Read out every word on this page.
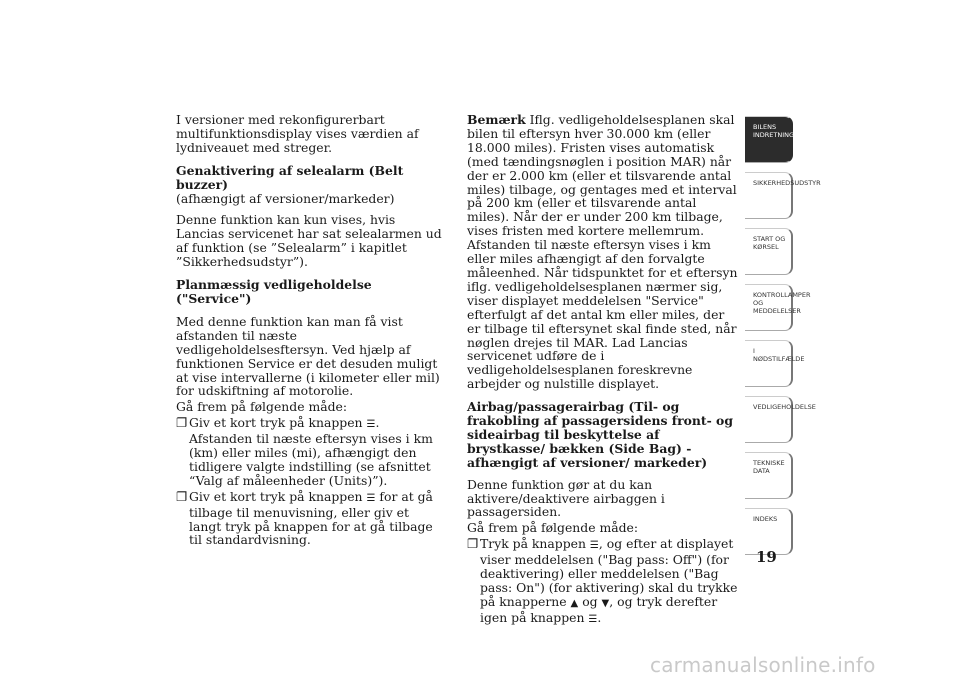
I versioner med rekonfigurerbart multifunktionsdisplay vises værdien af lydniveauet med streger.

Genaktivering af selealarm (Belt buzzer)
(afhængigt af versioner/markeder)

Denne funktion kan kun vises, hvis Lancias servicenet har sat selealarmen ud af funktion (se ”Selealarm” i kapitlet ”Sikkerhedsudstyr”).

Planmæssig vedligeholdelse ("Service")

Med denne funktion kan man få vist afstanden til næste vedligeholdelsesftersyn. Ved hjælp af funktionen Service er det desuden muligt at vise intervallerne (i kilometer eller mil) for udskiftning af motorolie.

Gå frem på følgende måde:

❐ Giv et kort tryk på knappen ☰. Afstanden til næste eftersyn vises i km (km) eller miles (mi), afhængigt den tidligere valgte indstilling (se afsnittet “Valg af måleenheder (Units)”).
❐ Giv et kort tryk på knappen ☰ for at gå tilbage til menuvisning, eller giv et langt tryk på knappen for at gå tilbage til standardvisning.

Bemærk Iflg. vedligeholdelsesplanen skal bilen til eftersyn hver 30.000 km (eller 18.000 miles). Fristen vises automatisk (med tændingsnøglen i position MAR) når der er 2.000 km (eller et tilsvarende antal miles) tilbage, og gentages med et interval på 200 km (eller et tilsvarende antal miles). Når der er under 200 km tilbage, vises fristen med kortere mellemrum. Afstanden til næste eftersyn vises i km eller miles afhængigt af den forvalgte måleenhed. Når tidspunktet for et eftersyn iflg. vedligeholdelsesplanen nærmer sig, viser displayet meddelelsen "Service" efterfulgt af det antal km eller miles, der er tilbage til eftersynet skal finde sted, når nøglen drejes til MAR. Lad Lancias servicenet udføre de i vedligeholdelsesplanen foreskrevne arbejder og nulstille displayet.

Airbag/passagerairbag (Til- og frakobling af passagersidens front- og sideairbag til beskyttelse af brystkasse/ bækken (Side Bag) - afhængigt af versioner/ markeder)

Denne funktion gør at du kan aktivere/deaktivere airbaggen i passagersiden.

Gå frem på følgende måde:

❐ Tryk på knappen ☰, og efter at displayet viser meddelelsen ("Bag pass: Off") (for deaktivering) eller meddelelsen ("Bag pass: On") (for aktivering) skal du trykke på knapperne ▲ og ▼, og tryk derefter igen på knappen ☰.
BILENS INDRETNING
SIKKERHEDSUDSTYR
START OG KØRSEL
KONTROLLAMPER OG MEDDELELSER
I NØDSTILFÆLDE
VEDLIGEHOLDELSE
TEKNISKE DATA
INDEKS
19
carmanualsonline.info
